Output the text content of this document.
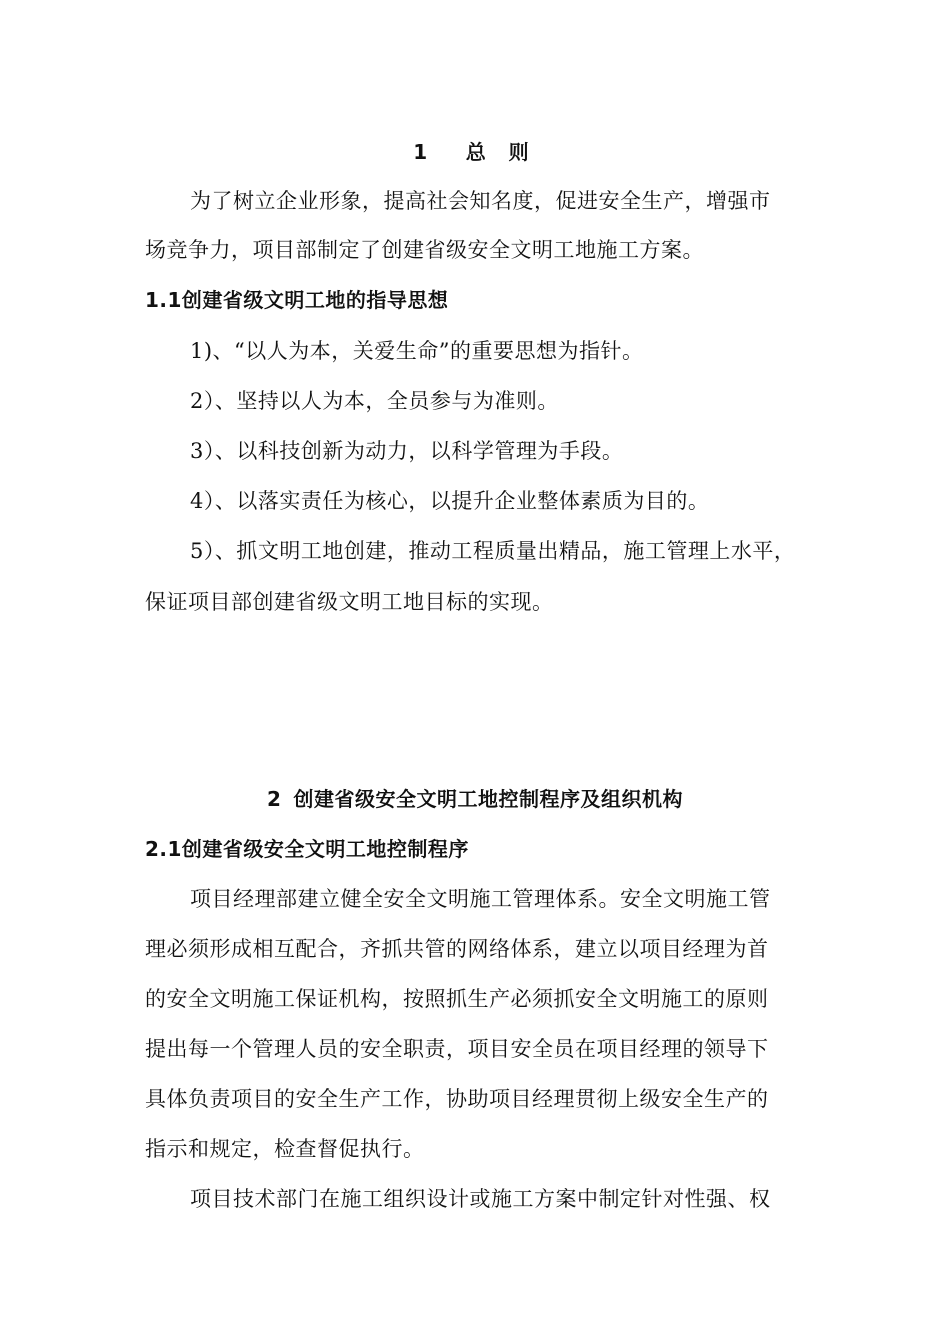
1 总 则
为了树立企业形象，提高社会知名度，促进安全生产，增强市
场竞争力，项目部制定了创建省级安全文明工地施工方案。
1.1创建省级文明工地的指导思想
1)、“以人为本，关爱生命”的重要思想为指针。
2）、坚持以人为本，全员参与为准则。
3）、以科技创新为动力，以科学管理为手段。
4）、以落实责任为核心，以提升企业整体素质为目的。
5）、抓文明工地创建，推动工程质量出精品，施工管理上水平，
保证项目部创建省级文明工地目标的实现。
2 创建省级安全文明工地控制程序及组织机构
2.1创建省级安全文明工地控制程序
项目经理部建立健全安全文明施工管理体系。安全文明施工管
理必须形成相互配合，齐抓共管的网络体系，建立以项目经理为首
的安全文明施工保证机构，按照抓生产必须抓安全文明施工的原则
提出每一个管理人员的安全职责，项目安全员在项目经理的领导下
具体负责项目的安全生产工作，协助项目经理贯彻上级安全生产的
指示和规定，检查督促执行。
项目技术部门在施工组织设计或施工方案中制定针对性强、权
